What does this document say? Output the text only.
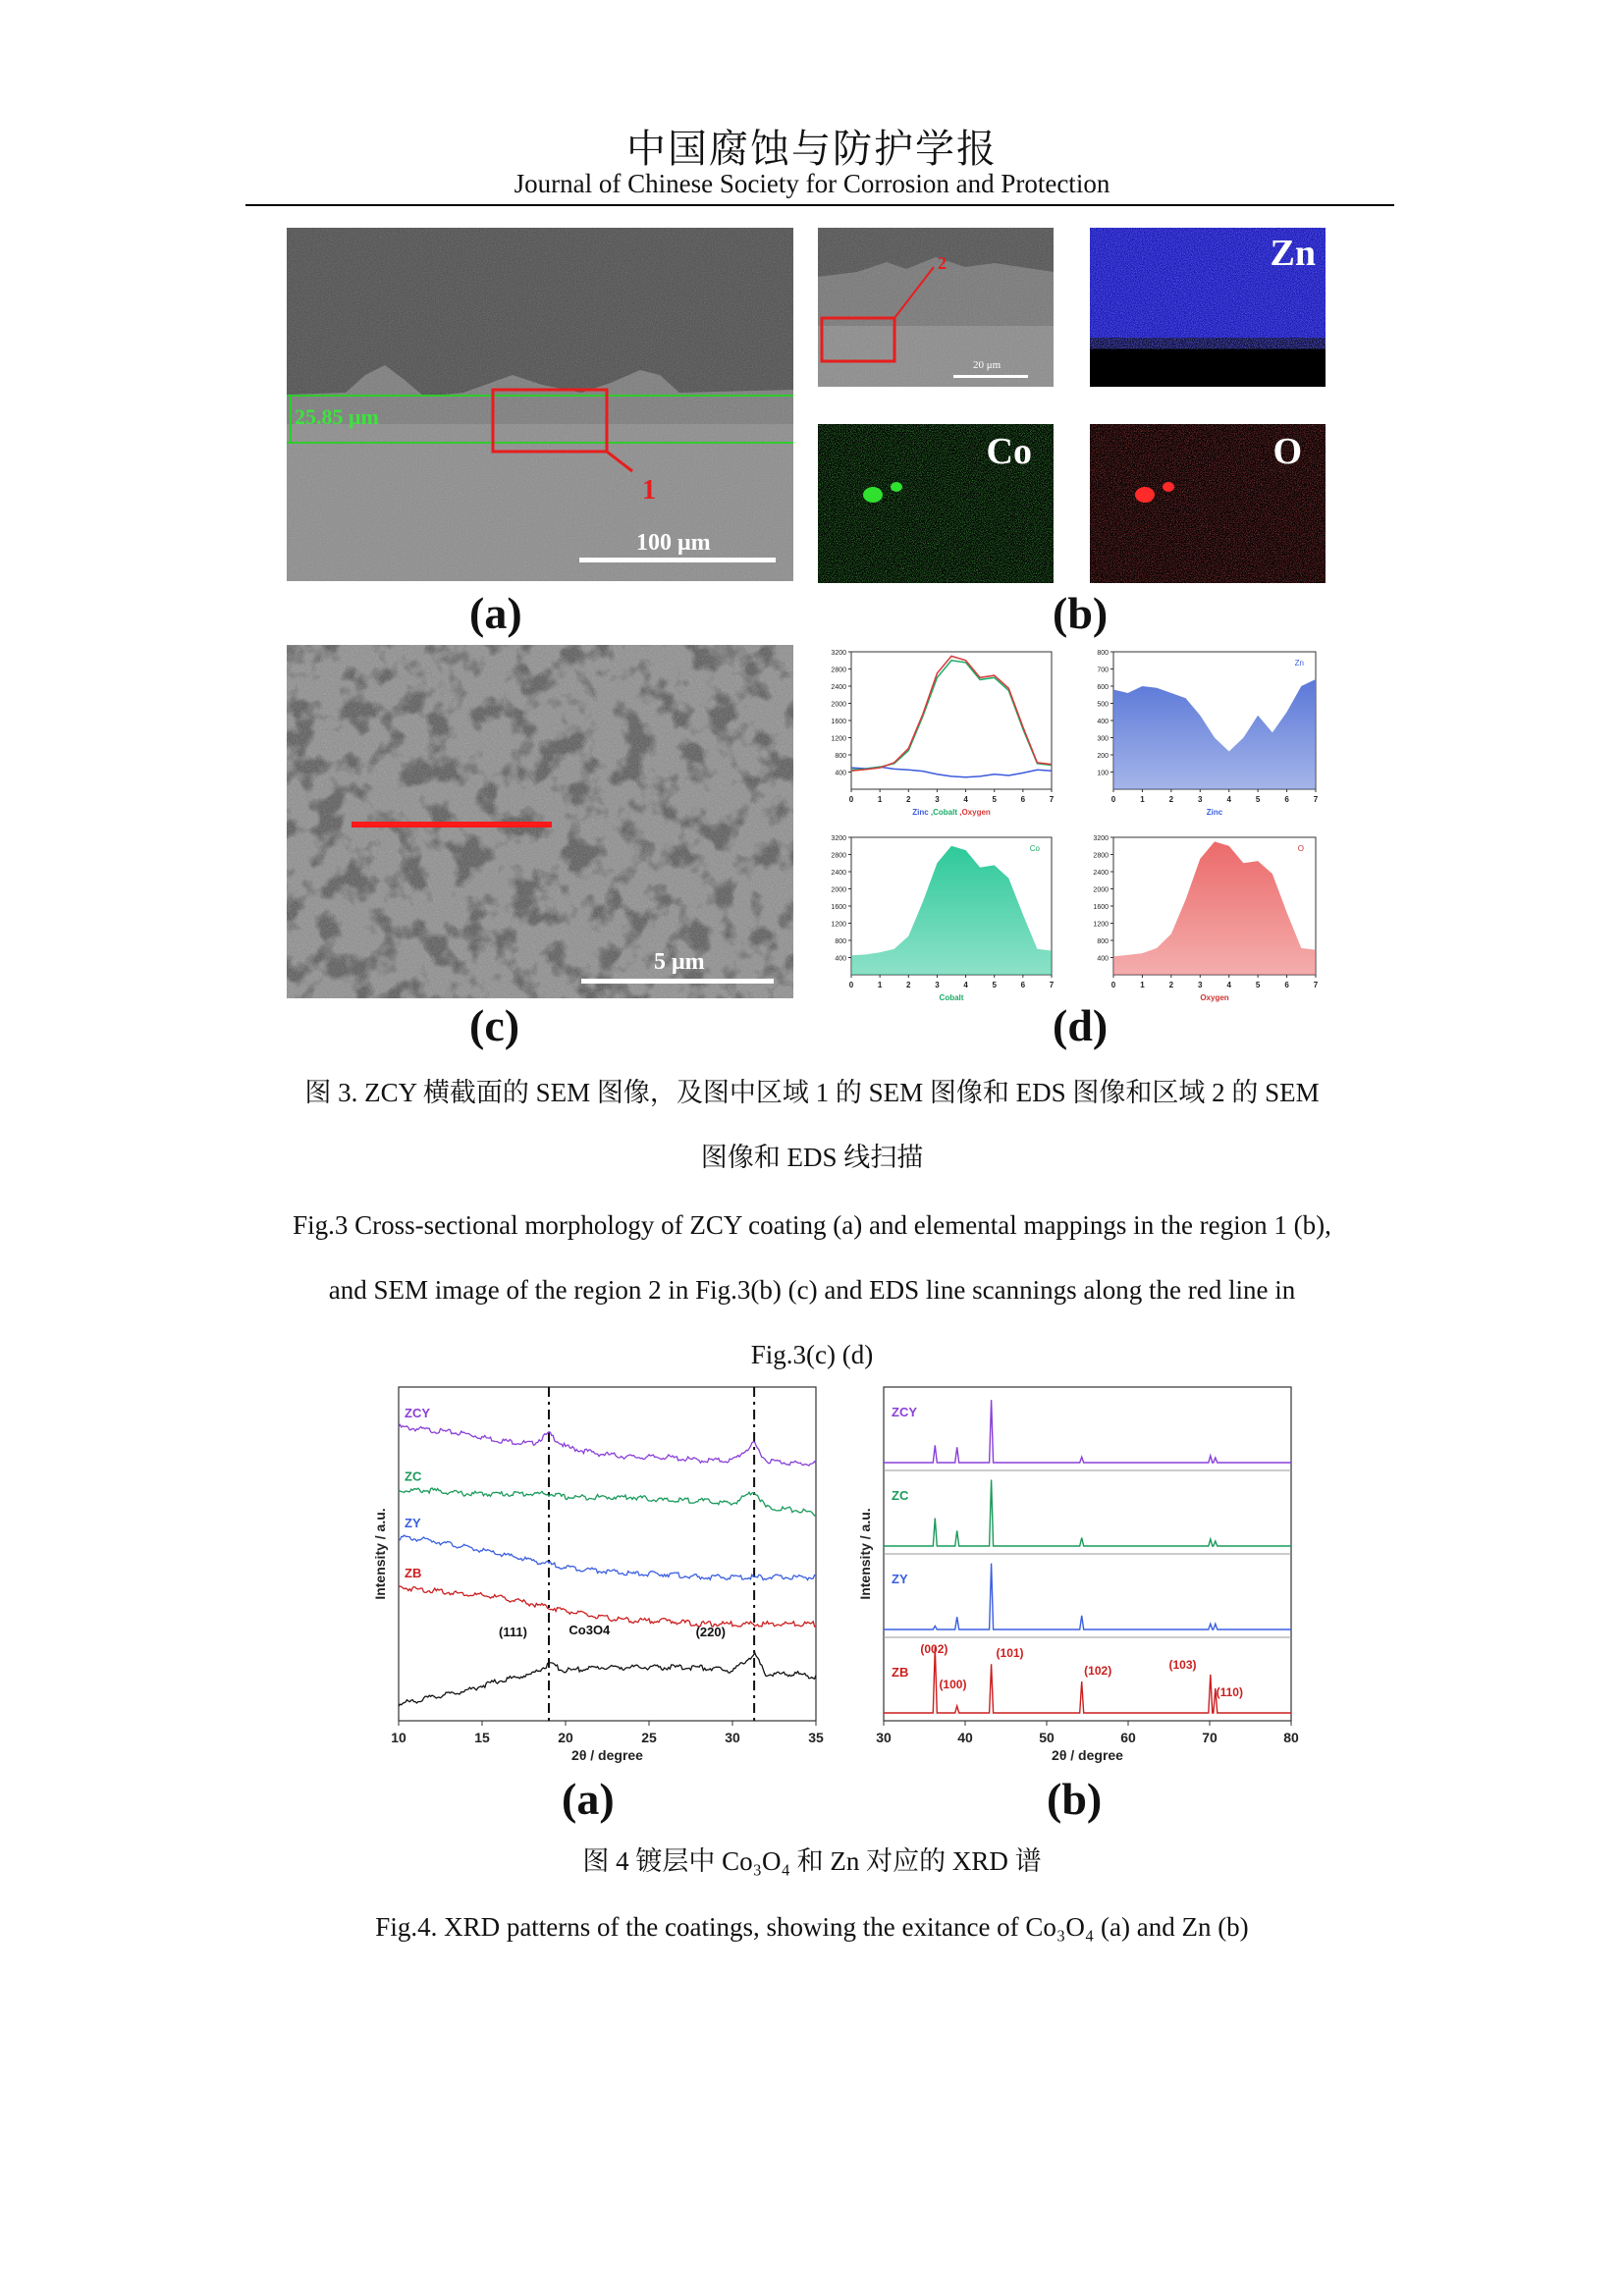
中国腐蚀与防护学报
Journal of Chinese Society for Corrosion and Protection
25.85 μm
1
100 μm
(a)
2
20 μm
Zn
Co	O
(b)
5 μm
(c)
0	1	2	3	4	5	6	7
400
800
1200
1600
2000
2400
2800
3200
Zinc ,Cobalt ,Oxygen
0	1	2	3	4	5	6	7
100
200
300
400
500
600
700
800
Zn
Zinc
0	1	2	3	4	5	6	7
400
800
1200
1600
2000
2400
2800
3200
Co
Cobalt
0	1	2	3	4	5	6	7
400
800
1200
1600
2000
2400
2800
3200
O
Oxygen
(d)
图 3. ZCY 横截面的 SEM 图像，及图中区域 1 的 SEM 图像和 EDS 图像和区域 2 的 SEM
图像和 EDS 线扫描
Fig.3 Cross-sectional morphology of ZCY coating (a) and elemental mappings in the region 1 (b),
and SEM image of the region 2 in Fig.3(b) (c) and EDS line scannings along the red line in
Fig.3(c) (d)
ZCY
ZC
ZY
ZB
10	15	20	25	30	35
2θ / degree
Intensity / a.u.
(111)	Co3O4	(220)
ZCY
ZC
ZY
ZB
(002)
(100)
(101)
(102)	(103)
(110)
30	40	50	60	70	80
2θ / degree
Intensity / a.u.
(a)	(b)
图 4 镀层中 Co₃O₄ 和 Zn 对应的 XRD 谱
Fig.4. XRD patterns of the coatings, showing the exitance of Co₃O₄ (a) and Zn (b)
